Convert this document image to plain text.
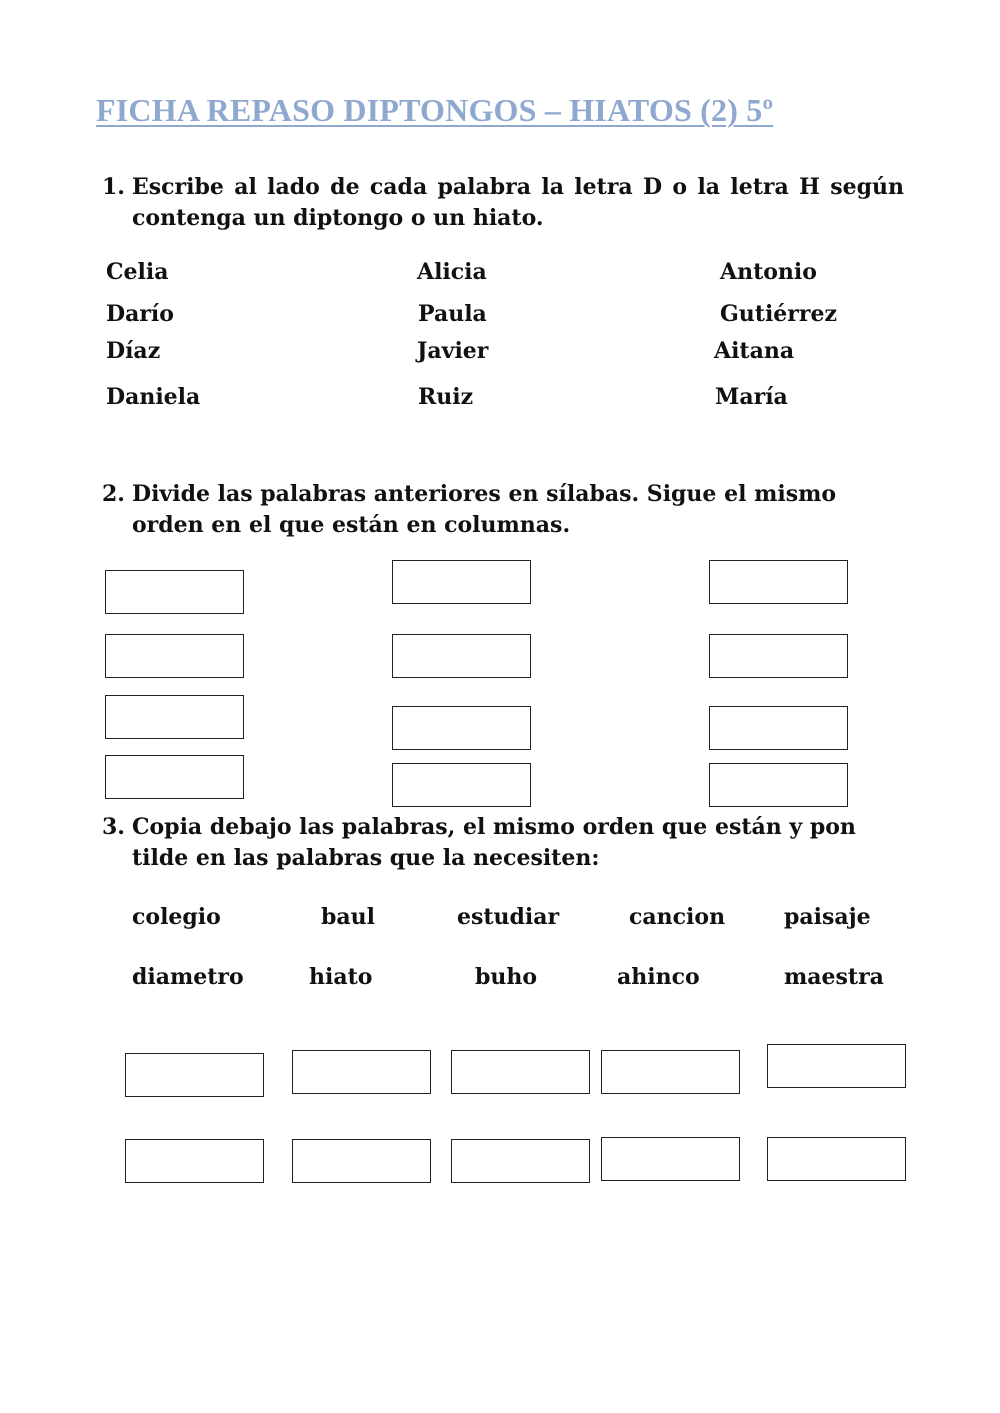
FICHA REPASO DIPTONGOS – HIATOS (2) 5º
1. Escribe al lado de cada palabra la letra D o la letra H según contenga un diptongo o un hiato.
Celia	Alicia	Antonio
Darío	Paula	Gutiérrez
Díaz	Javier	Aitana
Daniela	Ruiz	María
2. Divide las palabras anteriores en sílabas. Sigue el mismo orden en el que están en columnas.
3. Copia debajo las palabras, el mismo orden que están y pon tilde en las palabras que la necesiten:
colegio	baul	estudiar	cancion	paisaje
diametro	hiato	buho	ahinco	maestra
